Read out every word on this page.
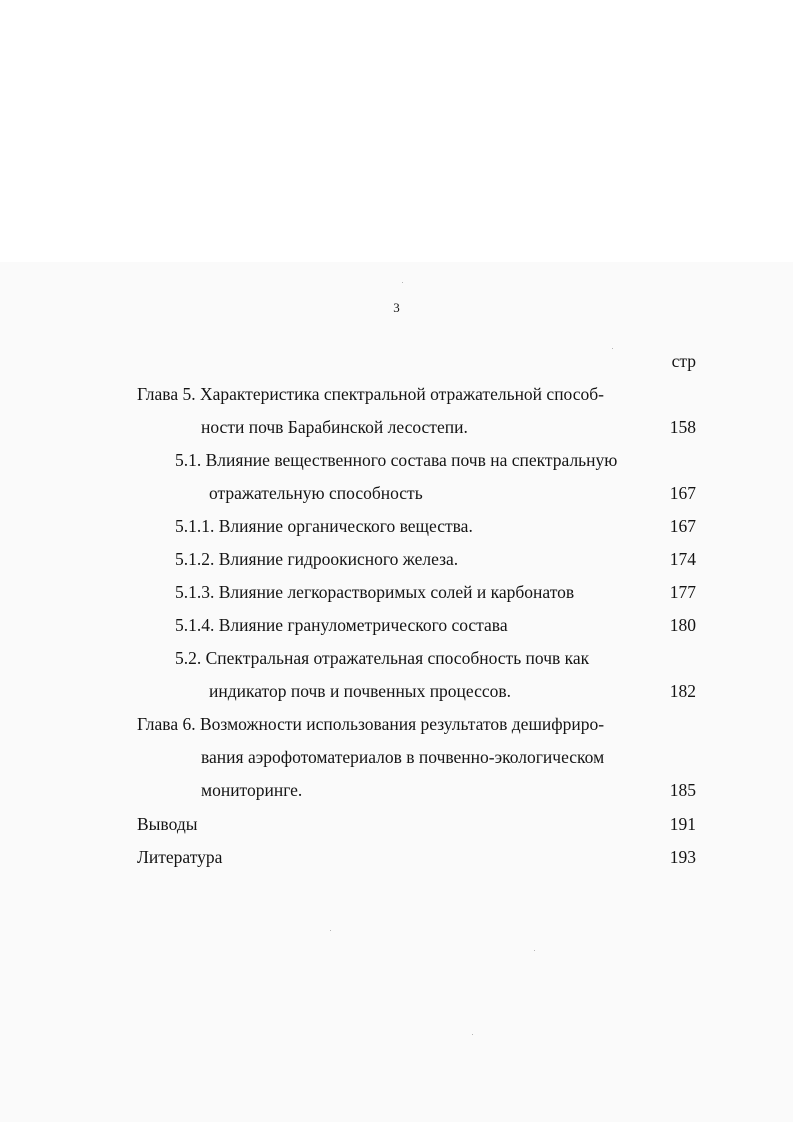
3
стр
Глава 5. Характеристика спектральной отражательной способ-
ности почв Барабинской лесостепи.	158
5.1. Влияние вещественного состава почв на спектральную
отражательную способность	167
5.1.1. Влияние органического вещества.	167
5.1.2. Влияние гидроокисного железа.	174
5.1.3. Влияние легкорастворимых солей и карбонатов	177
5.1.4. Влияние гранулометрического состава	180
5.2. Спектральная отражательная способность почв как
индикатор почв и почвенных процессов.	182
Глава 6. Возможности использования результатов дешифриро-
вания аэрофотоматериалов в почвенно-экологическом
мониторинге.	185
Выводы	191
Литература	193
